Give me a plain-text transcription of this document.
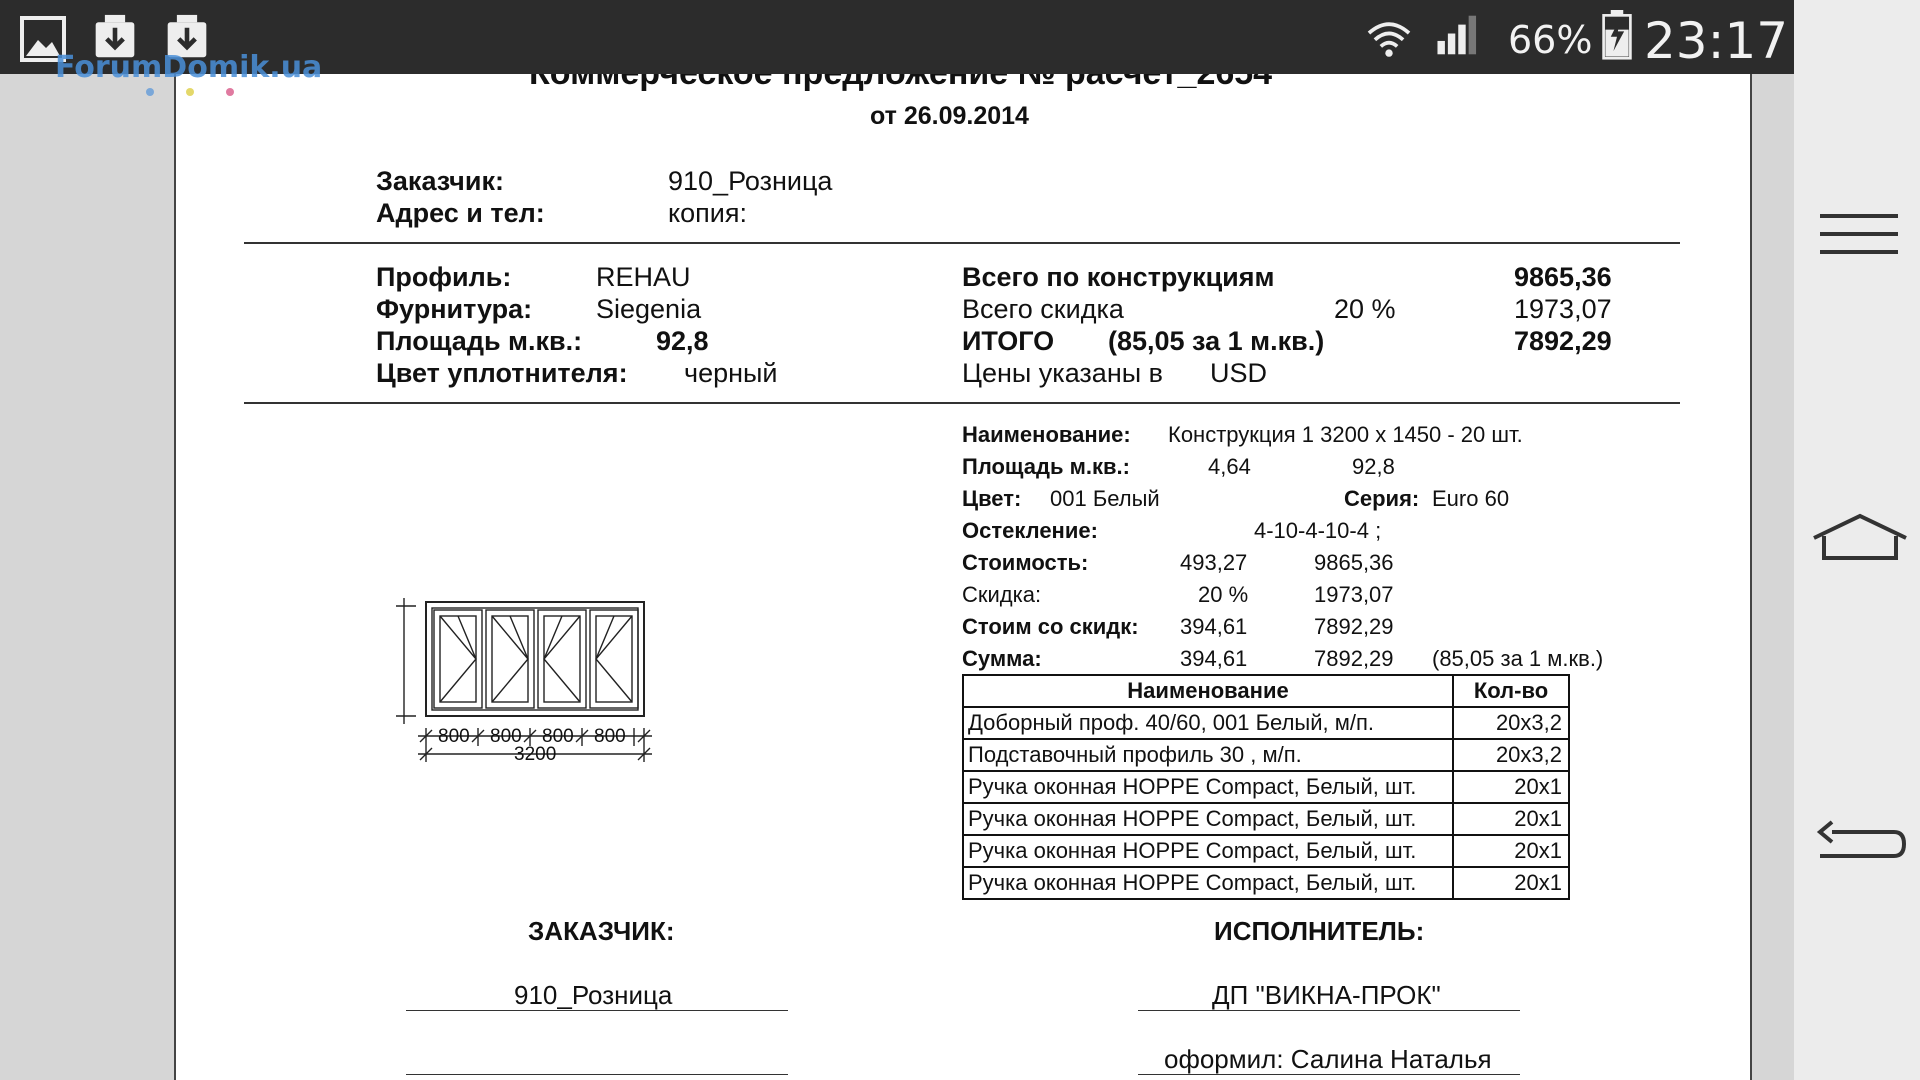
от 26.09.2014
Заказчик:	910_Розница
Адрес и тел:	копия:
Профиль:	REHAU
Фурнитура: Siegenia
Площадь м.кв.:	92,8
Цвет уплотнителя: черный
Всего по конструкциям	9865,36
Всего скидка	20 %	1973,07
ИТОГО (85,05 за 1 м.кв.)	7892,29
Цены указаны в USD
Наименование: Конструкция 1 3200 x 1450 - 20 шт.
Площадь м.кв.:	4,64	92,8
Цвет: 001 Белый	Серия: Euro 60
Остекление:	4-10-4-10-4 ;
Стоимость:	493,27	9865,36
Скидка:	20 %	1973,07
Стоим со скидк: 394,61	7892,29
Сумма:	394,61	7892,29 (85,05 за 1 м.кв.)
800 800 800 800
3200
Наименование	Кол-во
Доборный проф. 40/60, 001 Белый, м/п.	20x3,2
Подставочный профиль 30 , м/п.	20x3,2
Ручка оконная HOPPE Compact, Белый, шт.	20x1
Ручка оконная HOPPE Compact, Белый, шт.	20x1
Ручка оконная HOPPE Compact, Белый, шт.	20x1
Ручка оконная HOPPE Compact, Белый, шт.	20x1
ЗАКАЗЧИК:
910_Розница
ИСПОЛНИТЕЛЬ:
ДП "ВИКНА-ПРОК"
оформил: Салина Наталья
ForumDomik.ua
66% 23:17
